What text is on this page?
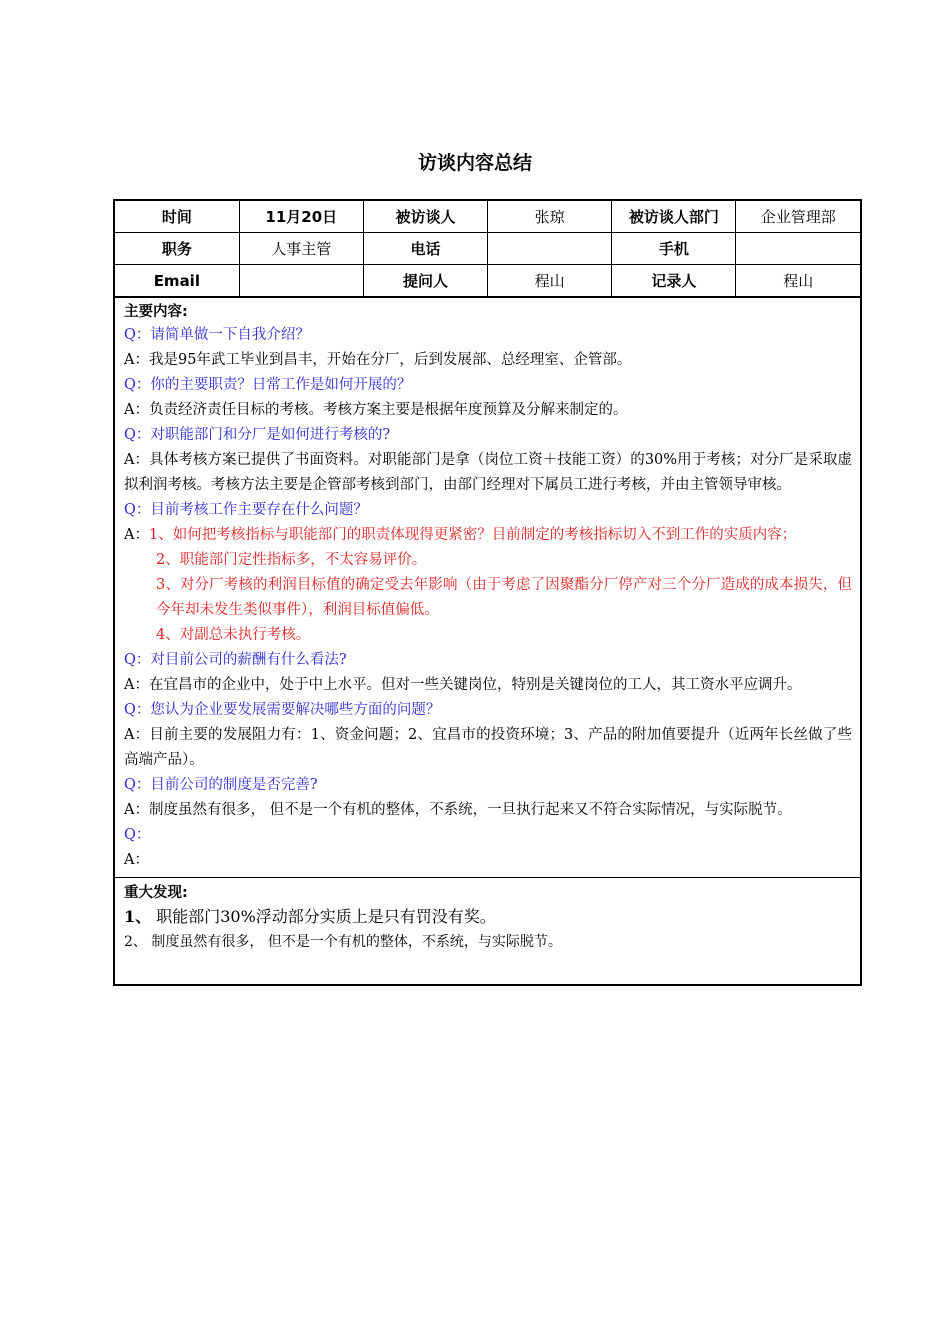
访谈内容总结
时间	11月20日	被访谈人	张琼	被访谈人部门	企业管理部
职务	人事主管	电话		手机	
Email		提问人	程山	记录人	程山
主要内容:
Q：请简单做一下自我介绍？
A：我是95年武工毕业到昌丰，开始在分厂，后到发展部、总经理室、企管部。
Q：你的主要职责？日常工作是如何开展的？
A：负责经济责任目标的考核。考核方案主要是根据年度预算及分解来制定的。
Q：对职能部门和分厂是如何进行考核的?
A：具体考核方案已提供了书面资料。对职能部门是拿（岗位工资＋技能工资）的30%用于考核；对分厂是采取虚拟利润考核。考核方法主要是企管部考核到部门，由部门经理对下属员工进行考核，并由主管领导审核。
Q：目前考核工作主要存在什么问题？
A：1、如何把考核指标与职能部门的职责体现得更紧密？目前制定的考核指标切入不到工作的实质内容；
2、职能部门定性指标多，不太容易评价。
3、对分厂考核的利润目标值的确定受去年影响（由于考虑了因聚酯分厂停产对三个分厂造成的成本损失，但今年却未发生类似事件），利润目标值偏低。
4、对副总未执行考核。
Q：对目前公司的薪酬有什么看法?
A：在宜昌市的企业中，处于中上水平。但对一些关键岗位，特别是关键岗位的工人，其工资水平应调升。
Q：您认为企业要发展需要解决哪些方面的问题？
A：目前主要的发展阻力有：1、资金问题；2、宜昌市的投资环境；3、产品的附加值要提升（近两年长丝做了些高端产品）。
Q：目前公司的制度是否完善?
A：制度虽然有很多， 但不是一个有机的整体，不系统，一旦执行起来又不符合实际情况，与实际脱节。
Q：
A：
重大发现:
1、 职能部门30%浮动部分实质上是只有罚没有奖。
2、 制度虽然有很多， 但不是一个有机的整体，不系统，与实际脱节。
